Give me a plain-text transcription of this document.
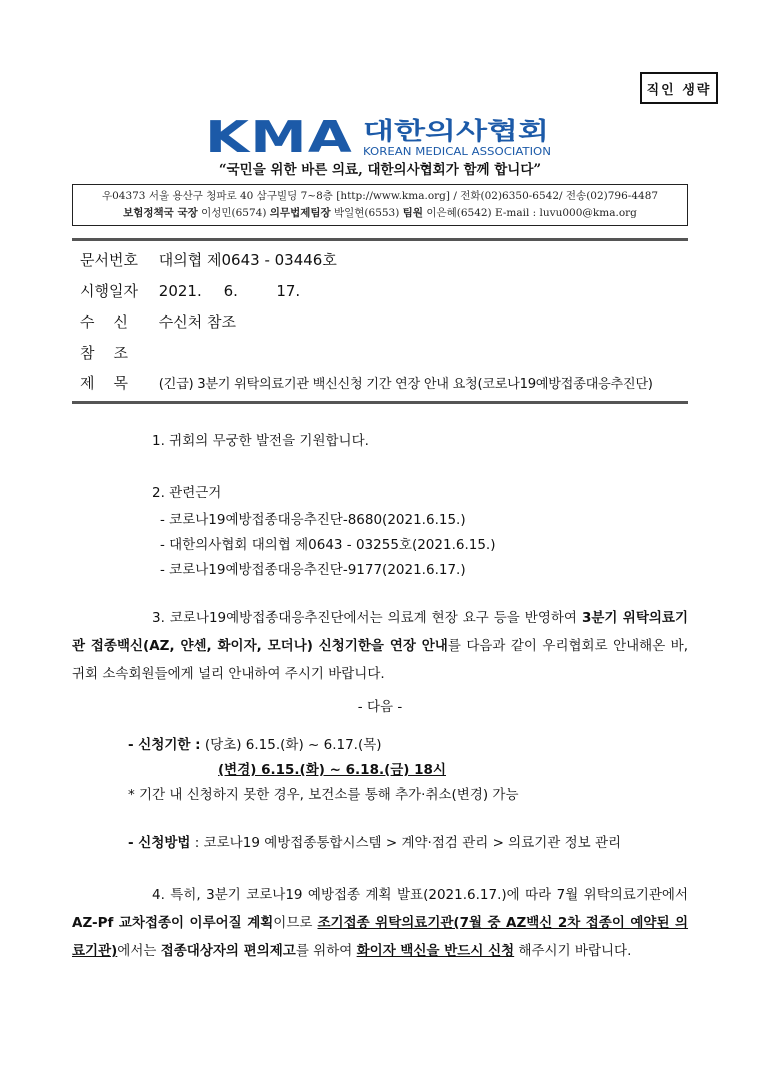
직인 생략
KMA 대한의사협회
KOREAN MEDICAL ASSOCIATION
“국민을 위한 바른 의료, 대한의사협회가 함께 합니다”
우04373 서울 용산구 청파로 40 삼구빌딩 7~8층 [http://www.kma.org] / 전화(02)6350-6542/ 전송(02)796-4487
보험정책국 국장 이성민(6574) 의무법제팀장 박일현(6553) 팀원 이은혜(6542) E-mail : luvu000@kma.org
문서번호 대의협 제0643 - 03446호
시행일자 2021. 6.	17.
수    신 수신처 참조
참    조
제    목 (긴급) 3분기 위탁의료기관 백신신청 기간 연장 안내 요청(코로나19예방접종대응추진단)
1. 귀회의 무궁한 발전을 기원합니다.
2. 관련근거
- 코로나19예방접종대응추진단-8680(2021.6.15.)
- 대한의사협회 대의협 제0643 - 03255호(2021.6.15.)
- 코로나19예방접종대응추진단-9177(2021.6.17.)
3. 코로나19예방접종대응추진단에서는 의료계 현장 요구 등을 반영하여 3분기 위탁의료기관 접종백신(AZ, 얀센, 화이자, 모더나) 신청기한을 연장 안내를 다음과 같이 우리협회로 안내해온 바, 귀회 소속회원들에게 널리 안내하여 주시기 바랍니다.
- 다음 -
- 신청기한 : (당초) 6.15.(화) ~ 6.17.(목)
(변경) 6.15.(화) ~ 6.18.(금) 18시
* 기간 내 신청하지 못한 경우, 보건소를 통해 추가·취소(변경) 가능
- 신청방법 : 코로나19 예방접종통합시스템 > 계약·점검 관리 > 의료기관 정보 관리
4. 특히, 3분기 코로나19 예방접종 계획 발표(2021.6.17.)에 따라 7월 위탁의료기관에서 AZ-Pf 교차접종이 이루어질 계획이므로 조기접종 위탁의료기관(7월 중 AZ백신 2차 접종이 예약된 의료기관)에서는 접종대상자의 편의제고를 위하여 화이자 백신을 반드시 신청 해주시기 바랍니다.
